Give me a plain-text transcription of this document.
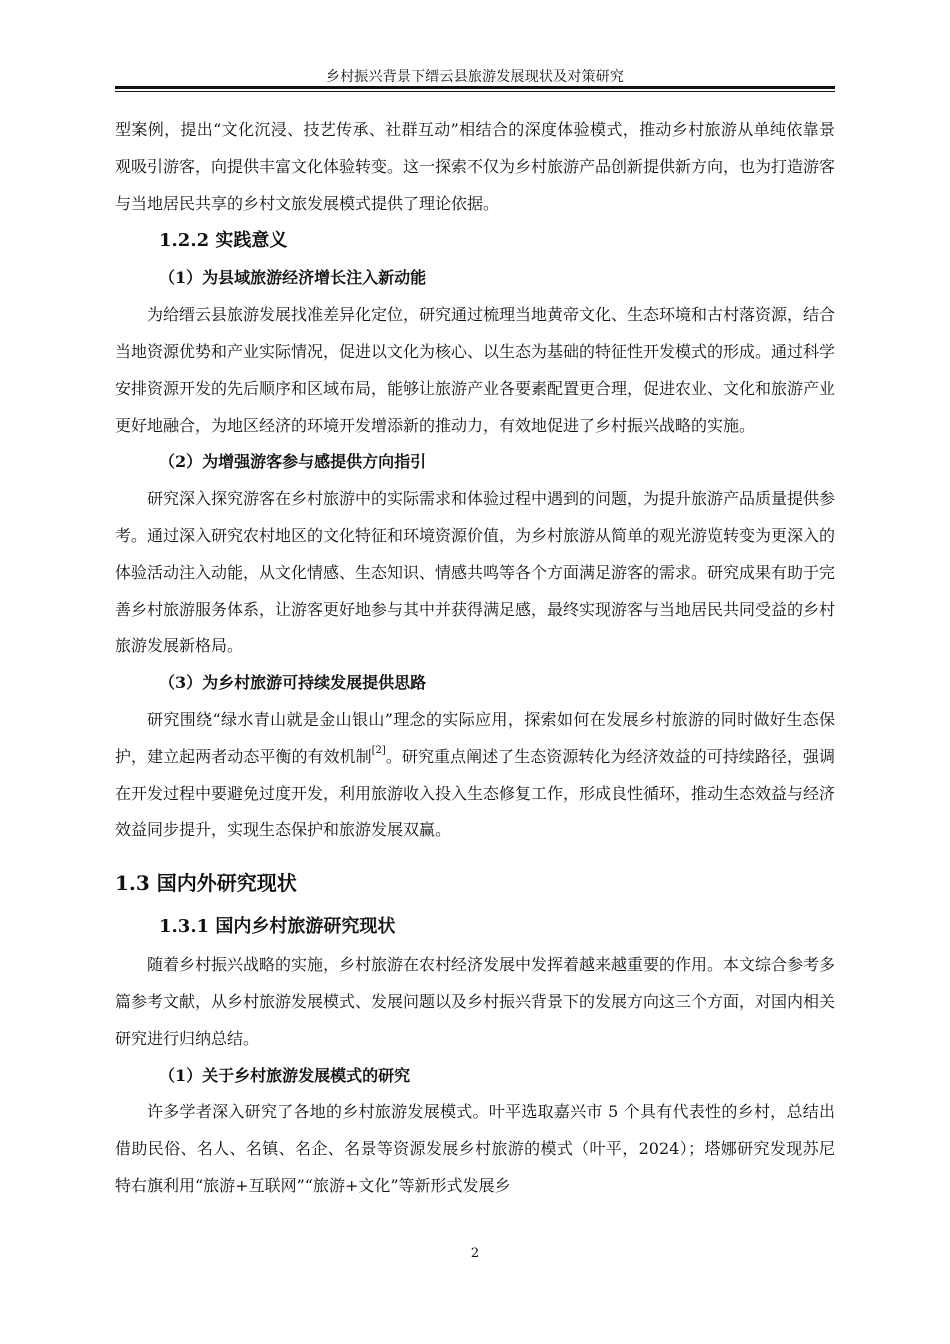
乡村振兴背景下缙云县旅游发展现状及对策研究

型案例，提出“文化沉浸、技艺传承、社群互动”相结合的深度体验模式，推动乡村旅游从单纯依靠景观吸引游客，向提供丰富文化体验转变。这一探索不仅为乡村旅游产品创新提供新方向，也为打造游客与当地居民共享的乡村文旅发展模式提供了理论依据。

1.2.2 实践意义
（1）为县域旅游经济增长注入新动能

为给缙云县旅游发展找准差异化定位，研究通过梳理当地黄帝文化、生态环境和古村落资源，结合当地资源优势和产业实际情况，促进以文化为核心、以生态为基础的特征性开发模式的形成。通过科学安排资源开发的先后顺序和区域布局，能够让旅游产业各要素配置更合理，促进农业、文化和旅游产业更好地融合，为地区经济的环境开发增添新的推动力，有效地促进了乡村振兴战略的实施。

（2）为增强游客参与感提供方向指引

研究深入探究游客在乡村旅游中的实际需求和体验过程中遇到的问题，为提升旅游产品质量提供参考。通过深入研究农村地区的文化特征和环境资源价值，为乡村旅游从简单的观光游览转变为更深入的体验活动注入动能，从文化情感、生态知识、情感共鸣等各个方面满足游客的需求。研究成果有助于完善乡村旅游服务体系，让游客更好地参与其中并获得满足感，最终实现游客与当地居民共同受益的乡村旅游发展新格局。

（3）为乡村旅游可持续发展提供思路

研究围绕“绿水青山就是金山银山”理念的实际应用，探索如何在发展乡村旅游的同时做好生态保护，建立起两者动态平衡的有效机制[2]。研究重点阐述了生态资源转化为经济效益的可持续路径，强调在开发过程中要避免过度开发，利用旅游收入投入生态修复工作，形成良性循环，推动生态效益与经济效益同步提升，实现生态保护和旅游发展双赢。

1.3 国内外研究现状
1.3.1 国内乡村旅游研究现状

随着乡村振兴战略的实施，乡村旅游在农村经济发展中发挥着越来越重要的作用。本文综合参考多篇参考文献，从乡村旅游发展模式、发展问题以及乡村振兴背景下的发展方向这三个方面，对国内相关研究进行归纳总结。

（1）关于乡村旅游发展模式的研究

许多学者深入研究了各地的乡村旅游发展模式。叶平选取嘉兴市 5 个具有代表性的乡村，总结出借助民俗、名人、名镇、名企、名景等资源发展乡村旅游的模式（叶平，2024）；塔娜研究发现苏尼特右旗利用“旅游+互联网”“旅游+文化”等新形式发展乡

2
